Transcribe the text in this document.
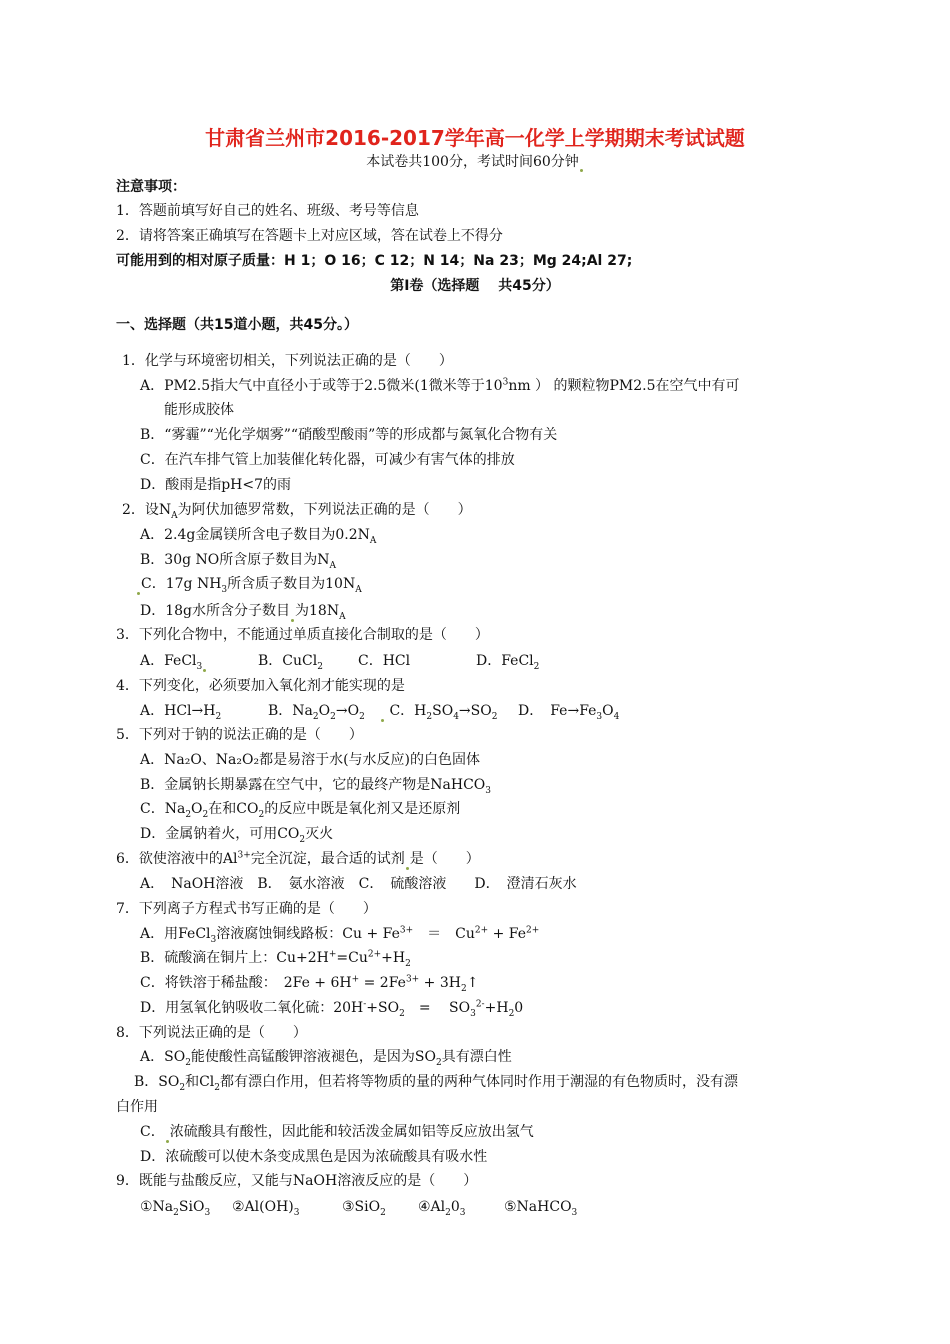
甘肃省兰州市2016-2017学年高一化学上学期期末考试试题
本试卷共100分，考试时间60分钟
注意事项：
1．答题前填写好自己的姓名、班级、考号等信息
2．请将答案正确填写在答题卡上对应区域，答在试卷上不得分
可能用到的相对原子质量：H 1；O 16；C 12；N 14；Na 23；Mg 24;Al 27;
第Ⅰ卷（选择题　 共45分）
一、选择题（共15道小题，共45分。）
1．化学与环境密切相关，下列说法正确的是（　　）
A．PM2.5指大气中直径小于或等于2.5微米(1微米等于$10^3nm$ ） 的颗粒物PM2.5在空气中有可
能形成胶体
B．“雾霾”“光化学烟雾”“硝酸型酸雨”等的形成都与氮氧化合物有关
C．在汽车排气管上加装催化转化器，可减少有害气体的排放
D．酸雨是指pH<7的雨
2．设$N_A$为阿伏加德罗常数，下列说法正确的是（　　）
A．2.4g金属镁所含电子数目为$0.2N_A$
B．30g NO所含原子数目为$N_A$
C．17g $NH_3$所含质子数目为$10N_A$
D．18g水所含分子数目 为$18N_A$
3．下列化合物中，不能通过单质直接化合制取的是（　　）
A．FeCl$_3$	B．CuCl$_2$	C．HCl	D．FeCl$_2$
4．下列变化，必须要加入氧化剂才能实现的是
A．$HCl\to H_2$	B．$Na_2O_2\to O_2$ C．$H_2SO_4\to SO_2$ D．　$Fe\to Fe_3O_4$
5．下列对于钠的说法正确的是（　　）
A．Na₂O、Na₂O₂都是易溶于水(与水反应)的白色固体
B．金属钠长期暴露在空气中，它的最终产物是NaHCO$_3$
C．$Na_2O_2$在和$CO_2$的反应中既是氧化剂又是还原剂
D．金属钠着火，可用$CO_2$灭火
6．欲使溶液中的$Al^{3+}$完全沉淀，最合适的试剂 是（　　）
A．　NaOH溶液　B．　氨水溶液　C．　硫酸溶液　　D．　澄清石灰水
7．下列离子方程式书写正确的是（　　）
A．用FeCl$_3$溶液腐蚀铜线路板：$Cu + Fe^{3+}$　＝　$Cu^{2+} + Fe^{2+}$
B．硫酸滴在铜片上：$Cu+2H^+=Cu^{2+}+H_2$
C．将铁溶于稀盐酸：　$2Fe + 6H^+ = 2Fe^{3+}$ + $3H_2↑$
D．用氢氧化钠吸收二氧化硫：$20H^-+SO_2$　=　 $SO_3^{2-}+H_20$
8．下列说法正确的是（　　）
A．$SO_2$能使酸性高锰酸钾溶液褪色，是因为$SO_2$具有漂白性
B．$SO_2$和$Cl_2$都有漂白作用，但若将等物质的量的两种气体同时作用于潮湿的有色物质时，没有漂
白作用
C． 浓硫酸具有酸性，因此能和较活泼金属如铝等反应放出氢气
D．浓硫酸可以使木条变成黑色是因为浓硫酸具有吸水性
9．既能与盐酸反应，又能与NaOH溶液反应的是（　　）
$①Na_2SiO_3$ $②Al(OH)_3$	③SiO$_2$ $④Al_20_3$	⑤NaHCO$_3$
